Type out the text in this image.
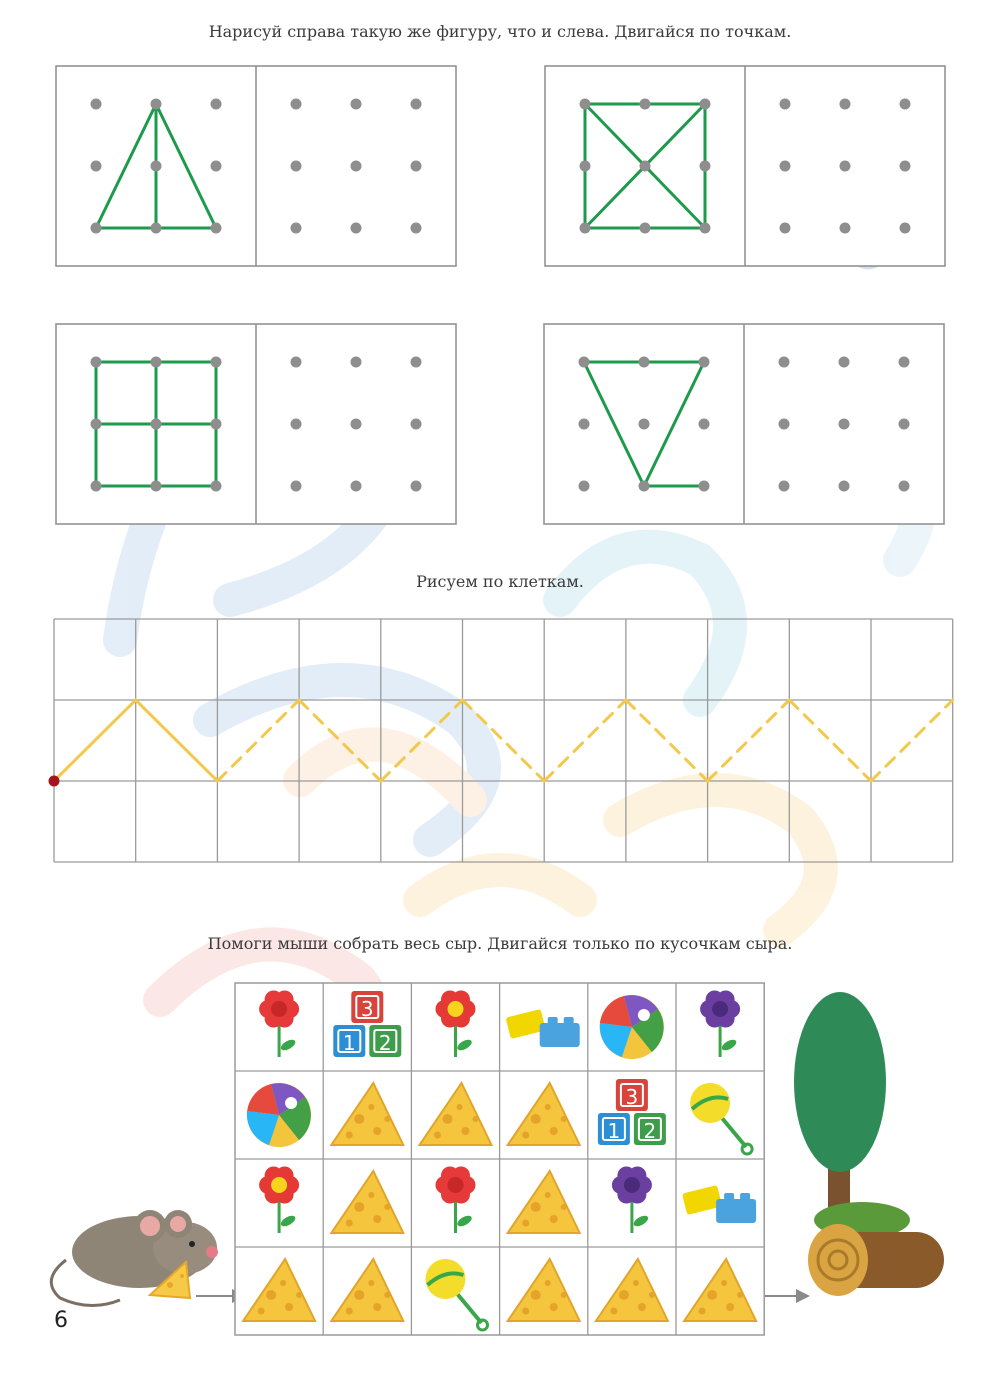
Нарисуй справа такую же фигуру, что и слева. Двигайся по точкам.
Рисуем по клеткам.
Помоги мыши собрать весь сыр. Двигайся только по кусочкам сыра.
3
1 2
3
1 2
6
